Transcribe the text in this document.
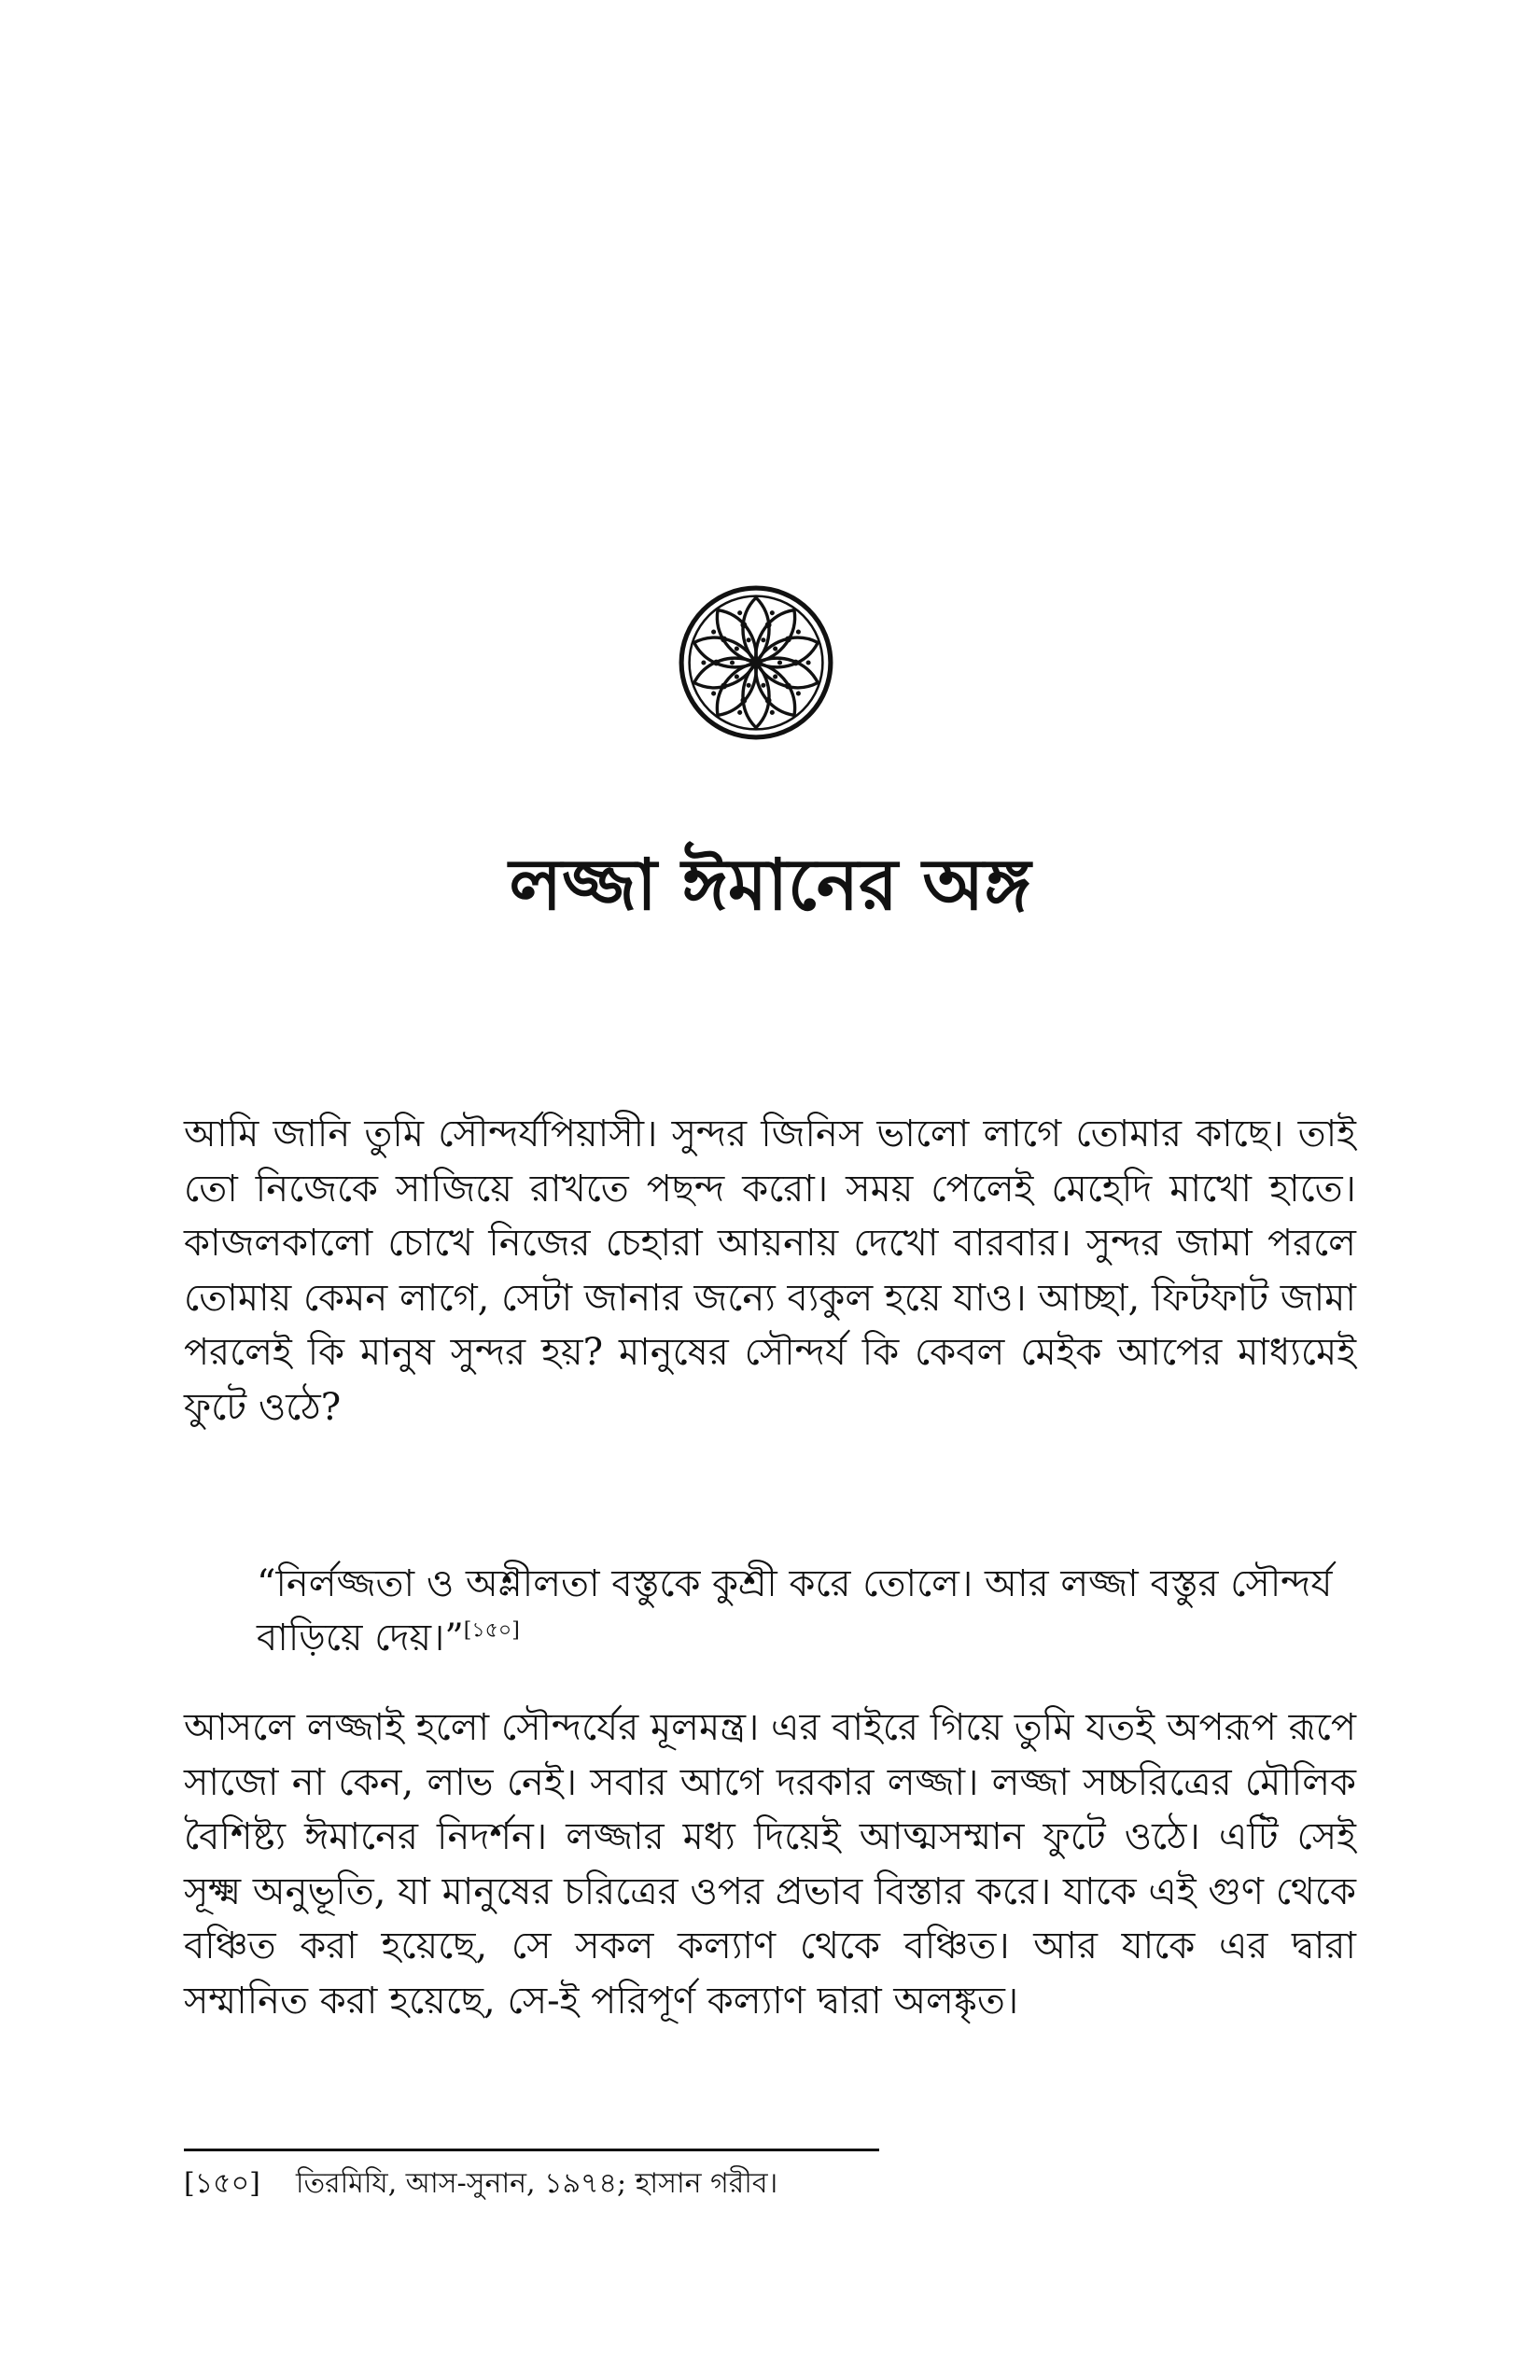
লজ্জা ঈমানের অঙ্গ

আমি জানি তুমি সৌন্দর্যপিয়াসী। সুন্দর জিনিস ভালো লাগে তোমার কাছে। তাই তো নিজেকে সাজিয়ে রাখতে পছন্দ করো। সময় পেলেই মেহেদি মাখো হাতে। কাজলকালো চোখে নিজের চেহারা আয়নায় দেখো বারবার। সুন্দর জামা পরলে তোমায় কেমন লাগে, সেটা জানার জন্যে ব্যকুল হয়ে যাও। আচ্ছা, ফিটফাট জামা পরলেই কি মানুষ সুন্দর হয়? মানুষের সৌন্দর্য কি কেবল মেইক আপের মাধ্যমেই ফুটে ওঠে?

“নির্লজ্জতা ও অশ্লীলতা বস্তুকে কুশ্রী করে তোলে। আর লজ্জা বস্তুর সৌন্দর্য বাড়িয়ে দেয়।”[১৫০]

আসলে লজ্জাই হলো সৌন্দর্যের মূলমন্ত্র। এর বাইরে গিয়ে তুমি যতই অপরূপ রূপে সাজো না কেন, লাভ নেই। সবার আগে দরকার লজ্জা। লজ্জা সচ্চরিত্রের মৌলিক বৈশিষ্ট্য ঈমানের নিদর্শন। লজ্জার মধ্য দিয়েই আত্মসম্মান ফুটে ওঠে। এটি সেই সূক্ষ্ম অনুভূতি, যা মানুষের চরিত্রের ওপর প্রভাব বিস্তার করে। যাকে এই গুণ থেকে বঞ্চিত করা হয়েছে, সে সকল কল্যাণ থেকে বঞ্চিত। আর যাকে এর দ্বারা সম্মানিত করা হয়েছে, সে-ই পরিপূর্ণ কল্যাণ দ্বারা অলঙ্কৃত।

[১৫০] তিরমিযি, আস-সুনান, ১৯৭৪; হাসান গরীব।
